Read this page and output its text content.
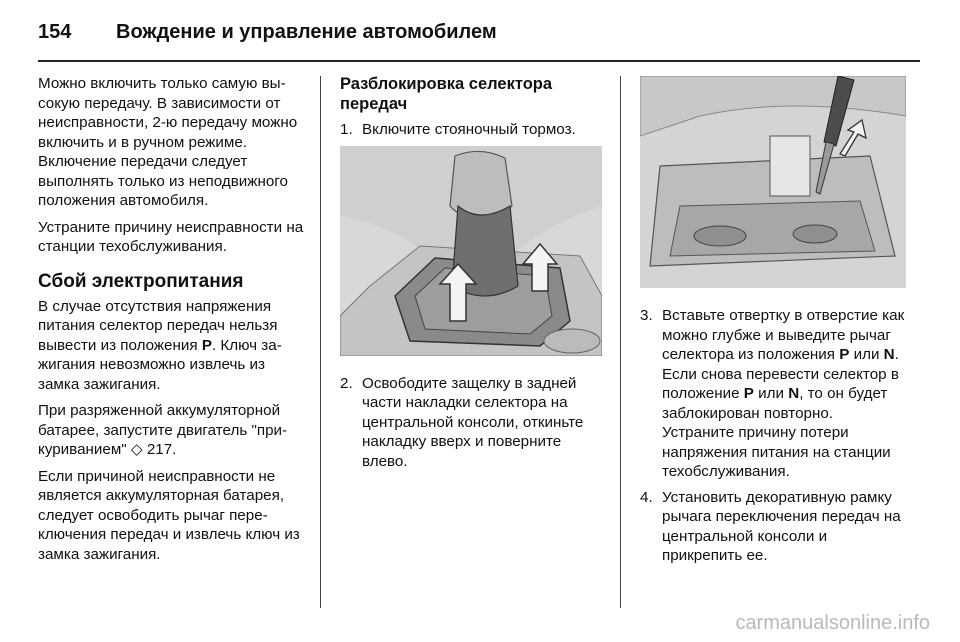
154	Вождение и управление автомобилем

Можно включить только самую высокую передачу. В зависимости от неисправности, 2-ю передачу можно включить и в ручном режиме. Включение передачи следует выполнять только из неподвижного положения автомобиля.

Устраните причину неисправности на станции техобслуживания.

Сбой электропитания

В случае отсутствия напряжения питания селектор передач нельзя вывести из положения P. Ключ зажигания невозможно извлечь из замка зажигания.

При разряженной аккумуляторной батарее, запустите двигатель "прикуриванием" ◇ 217.

Если причиной неисправности не является аккумуляторная батарея, следует освободить рычаг переключения передач и извлечь ключ из замка зажигания.

Разблокировка селектора передач
1. Включите стояночный тормоз.
2. Освободите защелку в задней части накладки селектора на центральной консоли, откиньте накладку вверх и поверните влево.
3. Вставьте отвертку в отверстие как можно глубже и выведите рычаг селектора из положения P или N. Если снова перевести селектор в положение P или N, то он будет заблокирован повторно. Устраните причину потери напряжения питания на станции техобслуживания.
4. Установить декоративную рамку рычага переключения передач на центральной консоли и прикрепить ее.
carmanualsonline.info
